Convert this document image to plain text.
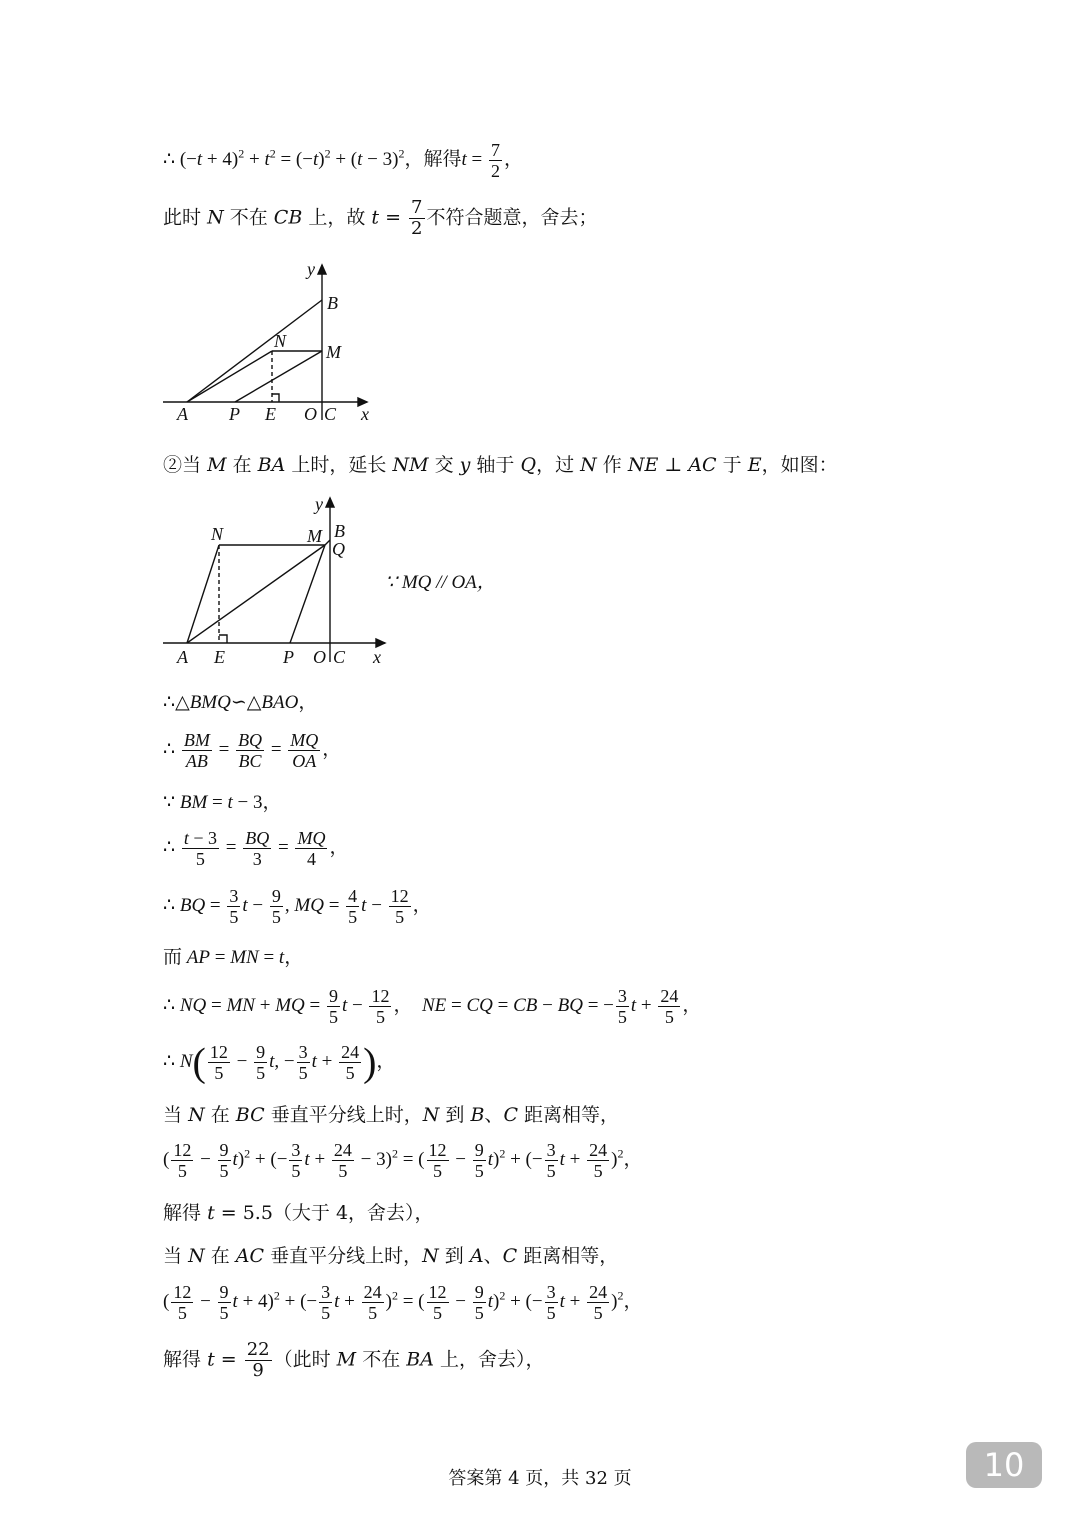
∴ $(-t + 4)^2 + t^2 = (-t)^2 + (t - 3)^2$，解得$t = \frac{7}{2}$ ，
此时 N 不在 CB 上，故 $t = \frac{7}{2}$ 不符合题意，舍去；
y
B
N
M
A P E O C x
②当 M 在 BA 上时，延长 NM 交 y 轴于 Q，过 N 作 NE ⊥ AC 于 E，如图：
y
B
N	M
Q
A E	P O C x
∵ MQ // OA，
∴△BMQ∽△BAO，
∴ $\frac{BM}{AB} = \frac{BQ}{BC} = \frac{MQ}{OA}$ ，
∵ BM = t − 3，
∴ $\frac{t - 3}{5} = \frac{BQ}{3} = \frac{MQ}{4}$ ，
∴ BQ = $\frac{3}{5}$ $t - \frac{9}{5}$ , MQ = $\frac{4}{5}$ $t - \frac{12}{5}$ ，
而 AP = MN = t，
∴ NQ = MN + MQ = $\frac{9}{5}$ $t - \frac{12}{5}$ ，  NE = CQ = CB − BQ = − $\frac{3}{5}$ $t + \frac{24}{5}$ ，
∴ $N( \frac{12}{5} - \frac{9}{5} t$, − $\frac{3}{5}$ $t + \frac{24}{5}$ )，
当 N 在 BC 垂直平分线上时，N 到 B、C 距离相等，
( $\frac{12}{5} - \frac{9}{5} t)^2$ + (− $\frac{3}{5}$ $t + \frac{24}{5} - 3)^2$ = ( $\frac{12}{5} - \frac{9}{5} t)^2$ + (− $\frac{3}{5}$ $t + \frac{24}{5} )^2$，
解得 t = 5.5（大于 4，舍去），
当 N 在 AC 垂直平分线上时，N 到 A、C 距离相等，
( $\frac{12}{5} - \frac{9}{5}$ t + 4)$^2$ + (− $\frac{3}{5}$ $t + \frac{24}{5} )^2$ = ( $\frac{12}{5} - \frac{9}{5} t)^2$ + (− $\frac{3}{5}$ $t + \frac{24}{5} )^2$，
解得 $t = \frac{22}{9}$ （此时 M 不在 BA 上，舍去），
答案第 4 页，共 32 页	10
